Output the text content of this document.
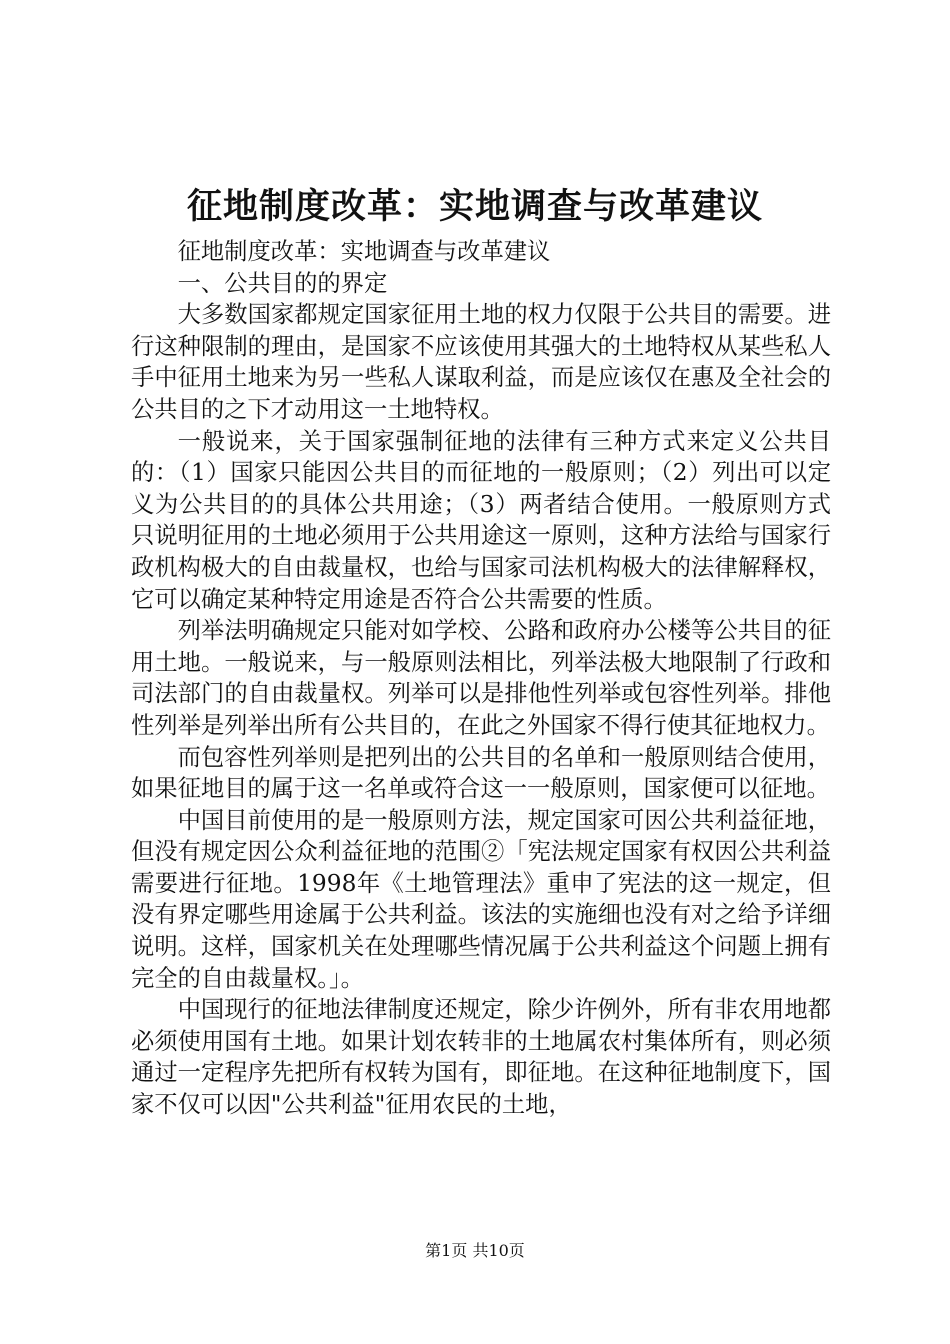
征地制度改革：实地调查与改革建议

征地制度改革：实地调查与改革建议

一、公共目的的界定

大多数国家都规定国家征用土地的权力仅限于公共目的需要。进行这种限制的理由，是国家不应该使用其强大的土地特权从某些私人手中征用土地来为另一些私人谋取利益，而是应该仅在惠及全社会的公共目的之下才动用这一土地特权。

一般说来，关于国家强制征地的法律有三种方式来定义公共目的：（1）国家只能因公共目的而征地的一般原则；（2）列出可以定义为公共目的的具体公共用途；（3）两者结合使用。一般原则方式只说明征用的土地必须用于公共用途这一原则，这种方法给与国家行政机构极大的自由裁量权，也给与国家司法机构极大的法律解释权，它可以确定某种特定用途是否符合公共需要的性质。

列举法明确规定只能对如学校、公路和政府办公楼等公共目的征用土地。一般说来，与一般原则法相比，列举法极大地限制了行政和司法部门的自由裁量权。列举可以是排他性列举或包容性列举。排他性列举是列举出所有公共目的，在此之外国家不得行使其征地权力。

而包容性列举则是把列出的公共目的名单和一般原则结合使用，如果征地目的属于这一名单或符合这一一般原则，国家便可以征地。

中国目前使用的是一般原则方法，规定国家可因公共利益征地，但没有规定因公众利益征地的范围②「宪法规定国家有权因公共利益需要进行征地。1998年《土地管理法》重申了宪法的这一规定，但没有界定哪些用途属于公共利益。该法的实施细也没有对之给予详细说明。这样，国家机关在处理哪些情况属于公共利益这个问题上拥有完全的自由裁量权。」。

中国现行的征地法律制度还规定，除少许例外，所有非农用地都必须使用国有土地。如果计划农转非的土地属农村集体所有，则必须通过一定程序先把所有权转为国有，即征地。在这种征地制度下，国家不仅可以因"公共利益"征用农民的土地，

第1页 共10页
